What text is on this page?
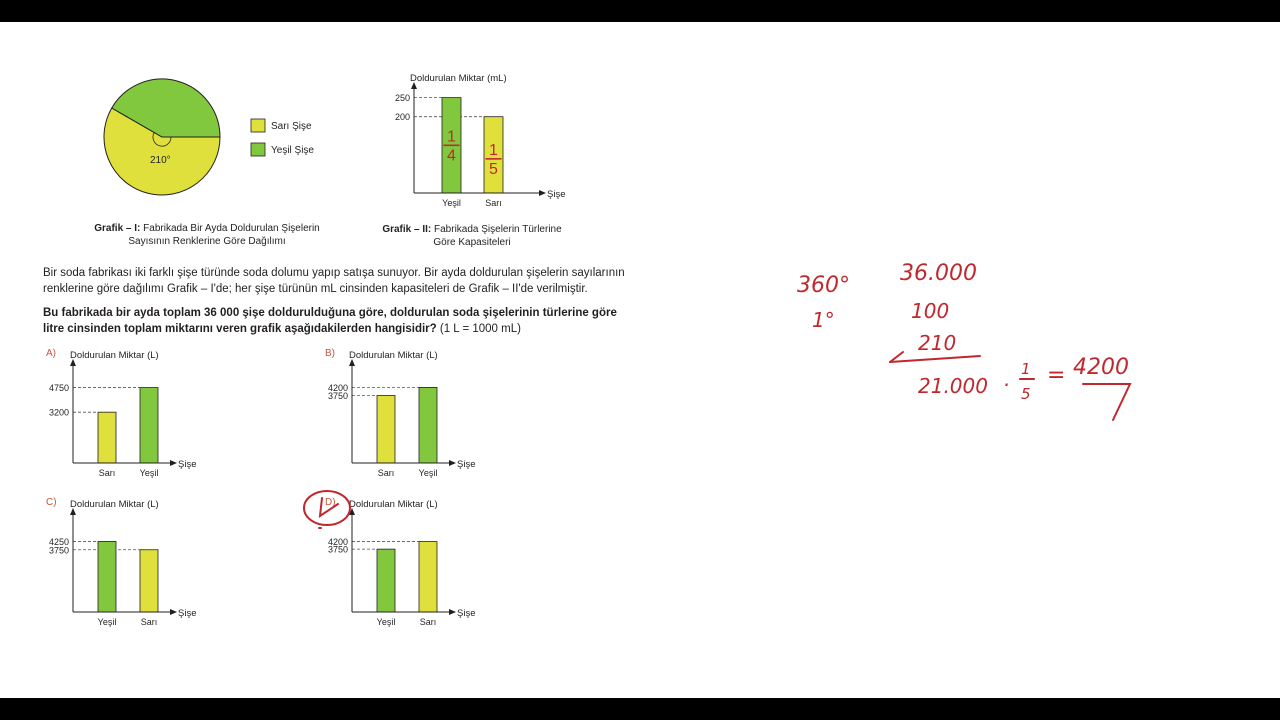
210°
Sarı Şişe
Yeşil Şişe
Grafik – I: Fabrikada Bir Ayda Doldurulan Şişelerin
Sayısının Renklerine Göre Dağılımı
Doldurulan Miktar (mL)
250
200
Yeşil	Sarı
Şişe
1
4 1
5
Grafik – II: Fabrikada Şişelerin Türlerine
Göre Kapasiteleri
A) Doldurulan Miktar (L)
4750
3200
Sarı	Yeşil
Şişe
B) Doldurulan Miktar (L)
4200
3750
Sarı	Yeşil
Şişe
C) Doldurulan Miktar (L)
4250
3750
Yeşil	Sarı
Şişe
D) Doldurulan Miktar (L)
4200
3750
Yeşil	Sarı
Şişe

Bir soda fabrikası iki farklı şişe türünde soda dolumu yapıp satışa sunuyor. Bir ayda doldurulan şişelerin sayılarının renklerine göre dağılımı Grafik – I'de; her şişe türünün mL cinsinden kapasiteleri de Grafik – II'de verilmiştir.

Bu fabrikada bir ayda toplam 36 000 şişe doldurulduğuna göre, doldurulan soda şişelerinin türlerine göre litre cinsinden toplam miktarını veren grafik aşağıdakilerden hangisidir? (1 L = 1000 mL)

360° 36.000
1°	100
210
21.000 ·
1
5
= 4200
